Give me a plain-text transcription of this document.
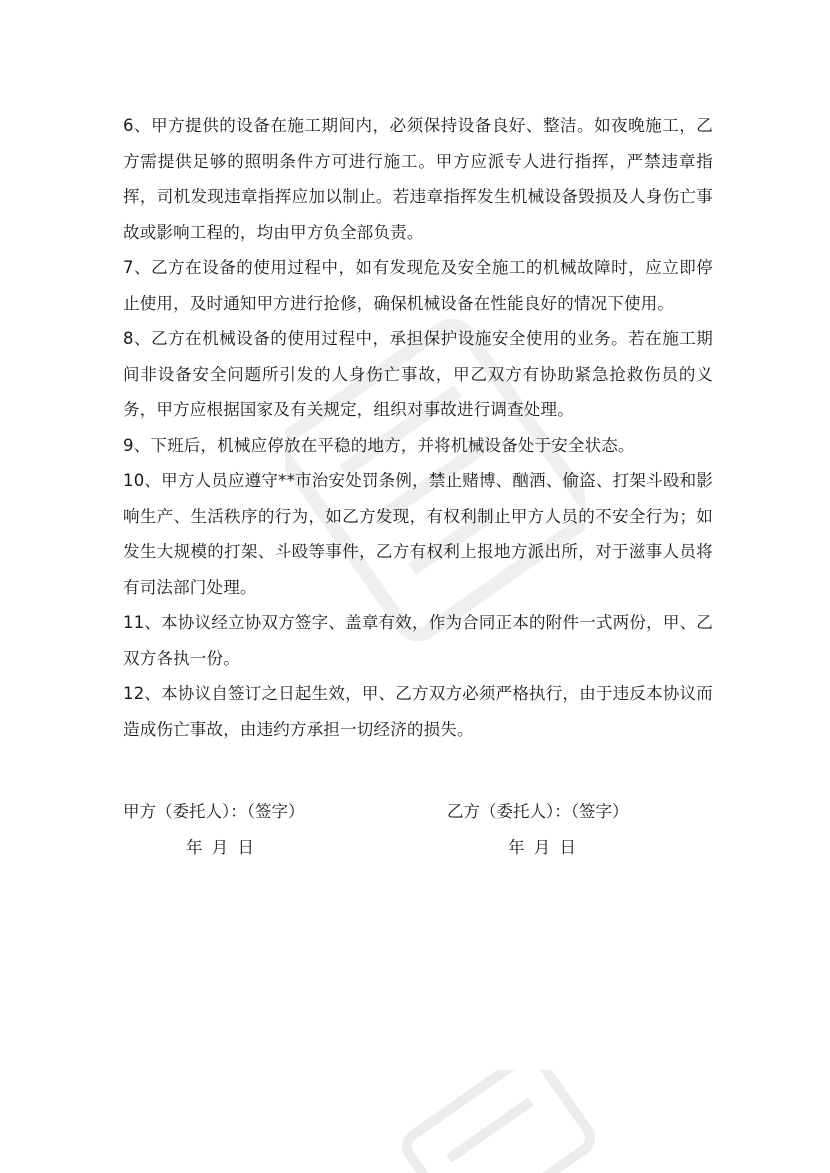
6、甲方提供的设备在施工期间内，必须保持设备良好、整洁。如夜晚施工，乙方需提供足够的照明条件方可进行施工。甲方应派专人进行指挥，严禁违章指挥，司机发现违章指挥应加以制止。若违章指挥发生机械设备毁损及人身伤亡事故或影响工程的，均由甲方负全部负责。

7、乙方在设备的使用过程中，如有发现危及安全施工的机械故障时，应立即停止使用，及时通知甲方进行抢修，确保机械设备在性能良好的情况下使用。

8、乙方在机械设备的使用过程中，承担保护设施安全使用的业务。若在施工期间非设备安全问题所引发的人身伤亡事故，甲乙双方有协助紧急抢救伤员的义务，甲方应根据国家及有关规定，组织对事故进行调查处理。

9、下班后，机械应停放在平稳的地方，并将机械设备处于安全状态。

10、甲方人员应遵守**市治安处罚条例，禁止赌博、酗酒、偷盗、打架斗殴和影响生产、生活秩序的行为，如乙方发现，有权利制止甲方人员的不安全行为；如发生大规模的打架、斗殴等事件，乙方有权利上报地方派出所，对于滋事人员将有司法部门处理。

11、本协议经立协双方签字、盖章有效，作为合同正本的附件一式两份，甲、乙双方各执一份。

12、本协议自签订之日起生效，甲、乙方双方必须严格执行，由于违反本协议而造成伤亡事故，由违约方承担一切经济的损失。

甲方（委托人）：（签字）	乙方（委托人）：（签字）
年 月 日	年 月 日
